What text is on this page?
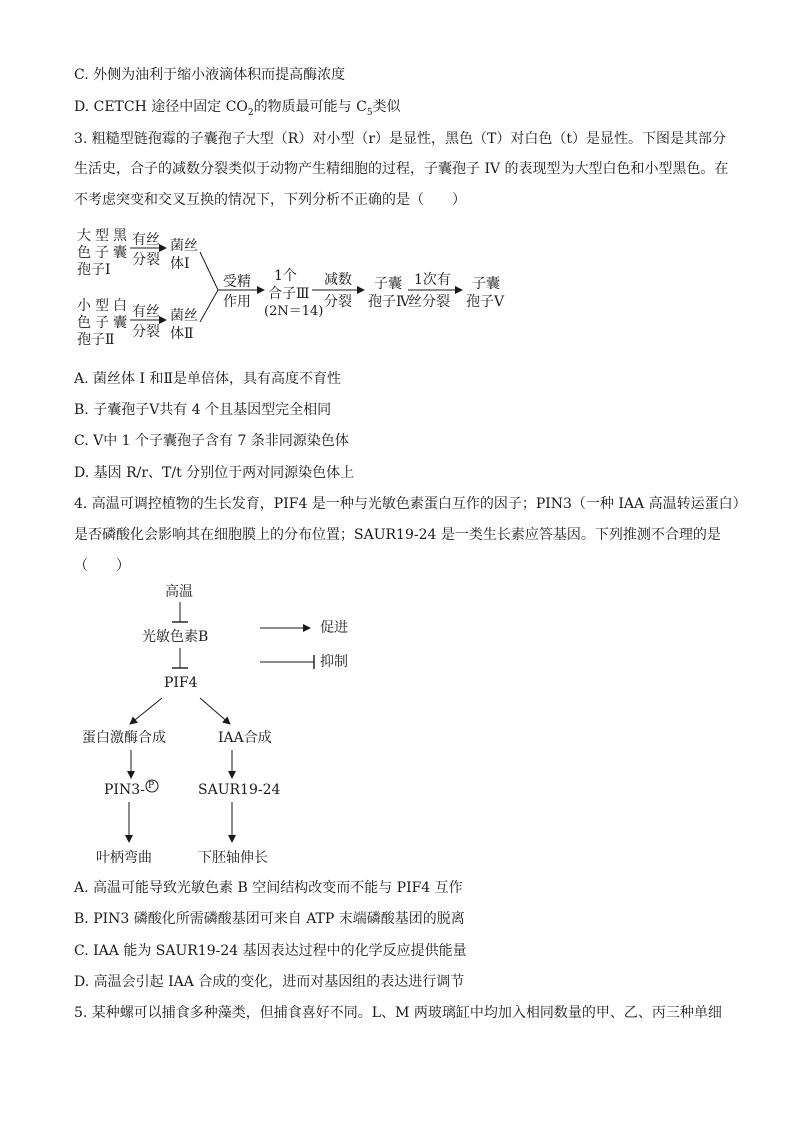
C. 外侧为油利于缩小液滴体积而提高酶浓度
D. CETCH 途径中固定 $CO_2$的物质最可能与 $C_5$类似
3. 粗糙型链孢霉的子囊孢子大型（R）对小型（r）是显性，黑色（T）对白色（t）是显性。下图是其部分
生活史，合子的减数分裂类似于动物产生精细胞的过程，子囊孢子 IV 的表现型为大型白色和小型黑色。在
不考虑突变和交叉互换的情况下，下列分析不正确的是（　　）
大 型 黑
色 子 囊
孢子Ⅰ
小 型 白
色 子 囊
孢子Ⅱ
有丝
分裂
有丝
分裂
菌丝
体Ⅰ
菌丝
体Ⅱ
受精
作用
1个
合子Ⅲ
(2N＝14)
减数
分裂
子囊
孢子Ⅳ
1次有
丝分裂
子囊
孢子Ⅴ
A. 菌丝体 I 和Ⅱ是单倍体，具有高度不育性
B. 子囊孢子Ⅴ共有 4 个且基因型完全相同
C. Ⅴ中 1 个子囊孢子含有 7 条非同源染色体
D. 基因 R/r、T/t 分别位于两对同源染色体上
4. 高温可调控植物的生长发育，PIF4 是一种与光敏色素蛋白互作的因子；PIN3（一种 IAA 高温转运蛋白）
是否磷酸化会影响其在细胞膜上的分布位置；SAUR19-24 是一类生长素应答基因。下列推测不合理的是
（　　）
高温
光敏色素B
PIF4
促进
抑制
蛋白激酶合成	IAA合成
PIN3- P	SAUR19-24
叶柄弯曲	下胚轴伸长
A. 高温可能导致光敏色素 B 空间结构改变而不能与 PIF4 互作
B. PIN3 磷酸化所需磷酸基团可来自 ATP 末端磷酸基团的脱离
C. IAA 能为 SAUR19-24 基因表达过程中的化学反应提供能量
D. 高温会引起 IAA 合成的变化，进而对基因组的表达进行调节
5. 某种螺可以捕食多种藻类，但捕食喜好不同。L、M 两玻璃缸中均加入相同数量的甲、乙、丙三种单细
